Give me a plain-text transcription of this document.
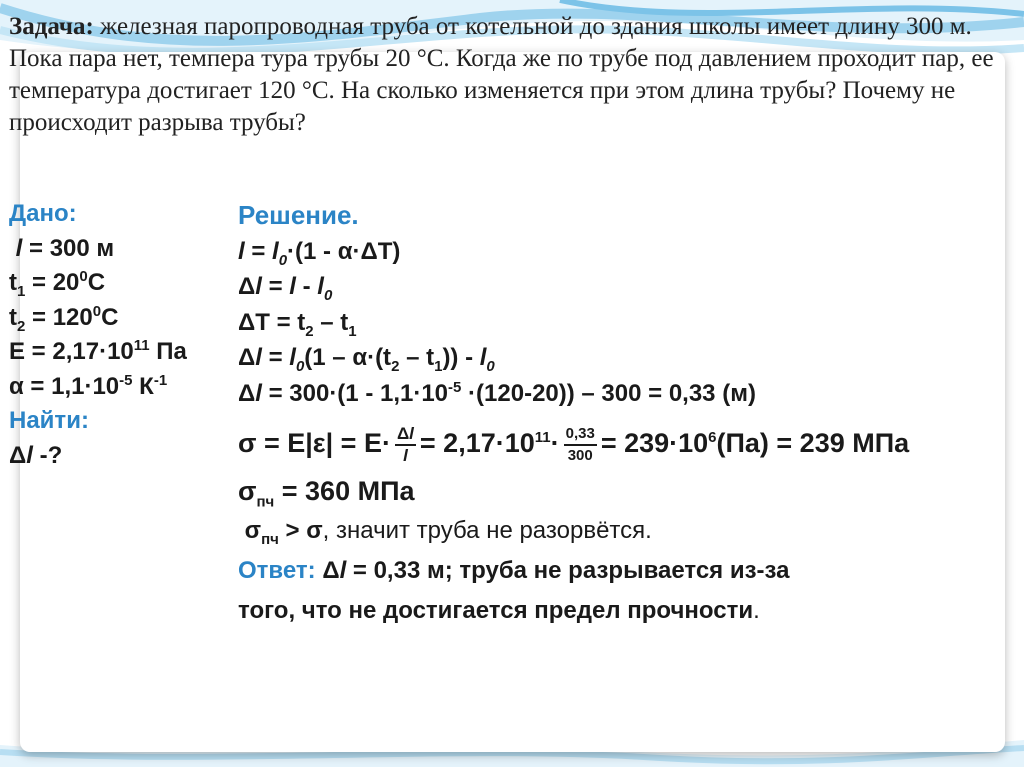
Задача: железная паропроводная труба от котельной до здания школы имеет длину 300 м. Пока пара нет, темпера тура трубы 20 °С. Когда же по трубе под давлением проходит пар, ее температура достигает 120 °С. На сколько изменяется при этом длина трубы? Почему не происходит разрыва трубы?

Дано:
l = 300 м
$t_1 = 20^0С$
$t_2 = 120^0С$
$Е = 2,17\cdot 10^{11}$ Па
$\alpha = 1,1\cdot 10^{-5}$ $К^{-1}$
Найти:
Δl -?
Решение.
$l = l_0\cdot(1 - \alpha\cdot\Delta T)$
$\Delta l = l - l_0$
$\Delta T = t_2 - t_1$
$\Delta l = l_0(1 - \alpha\cdot(t_2 - t_1)) - l_0$
$\Delta l = 300\cdot(1 - 1,1\cdot 10^{-5} \cdot(120-20)) - 300 = 0,33$ (м)
$\sigma = Е|\varepsilon| = Е\cdot \frac{\Delta l}{l} = 2,17\cdot 10^{11}\cdot \frac{0,33}{300} = 239\cdot 10^6(Па) = 239$ МПа
$\sigma_{пч} = 360$ МПа
$\sigma_{пч} > \sigma$, значит труба не разорвётся.
Ответ: Δl = 0,33 м; труба не разрывается из-за
того, что не достигается предел прочности.
